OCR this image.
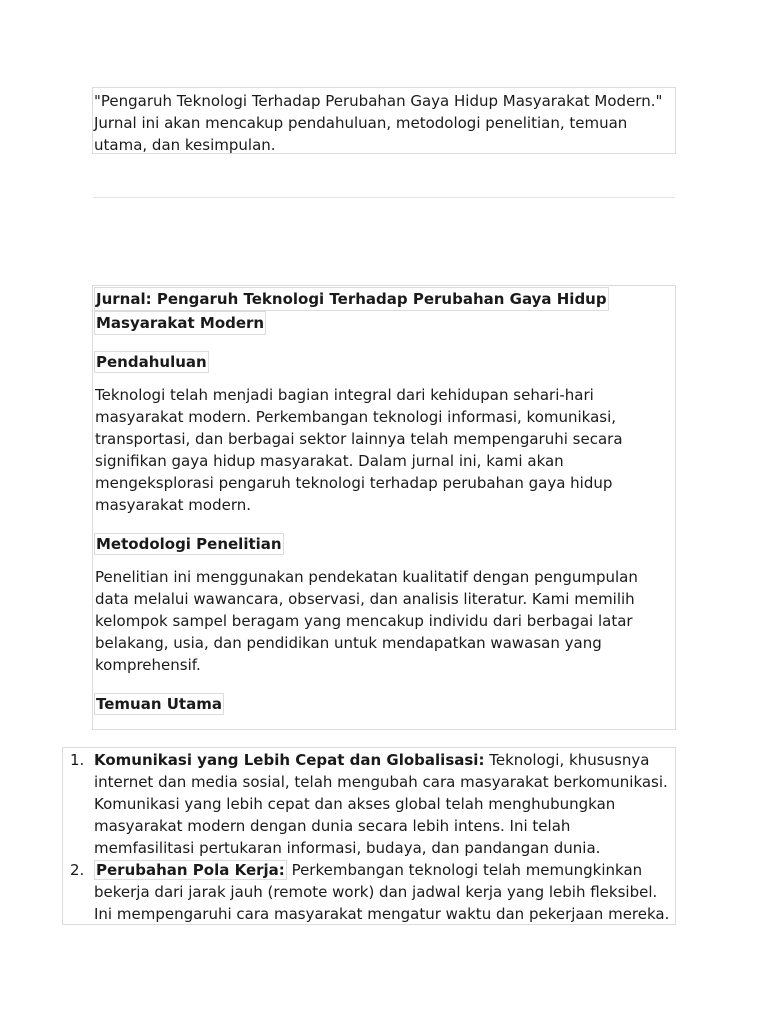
"Pengaruh Teknologi Terhadap Perubahan Gaya Hidup Masyarakat Modern." Jurnal ini akan mencakup pendahuluan, metodologi penelitian, temuan utama, dan kesimpulan.
Jurnal: Pengaruh Teknologi Terhadap Perubahan Gaya Hidup
Masyarakat Modern
Pendahuluan

Teknologi telah menjadi bagian integral dari kehidupan sehari-hari masyarakat modern. Perkembangan teknologi informasi, komunikasi, transportasi, dan berbagai sektor lainnya telah mempengaruhi secara signifikan gaya hidup masyarakat. Dalam jurnal ini, kami akan mengeksplorasi pengaruh teknologi terhadap perubahan gaya hidup masyarakat modern.

Metodologi Penelitian

Penelitian ini menggunakan pendekatan kualitatif dengan pengumpulan data melalui wawancara, observasi, dan analisis literatur. Kami memilih kelompok sampel beragam yang mencakup individu dari berbagai latar belakang, usia, dan pendidikan untuk mendapatkan wawasan yang komprehensif.

Temuan Utama
1. Komunikasi yang Lebih Cepat dan Globalisasi: Teknologi, khususnya internet dan media sosial, telah mengubah cara masyarakat berkomunikasi. Komunikasi yang lebih cepat dan akses global telah menghubungkan masyarakat modern dengan dunia secara lebih intens. Ini telah memfasilitasi pertukaran informasi, budaya, dan pandangan dunia.
2. Perubahan Pola Kerja: Perkembangan teknologi telah memungkinkan bekerja dari jarak jauh (remote work) dan jadwal kerja yang lebih fleksibel. Ini mempengaruhi cara masyarakat mengatur waktu dan pekerjaan mereka.
